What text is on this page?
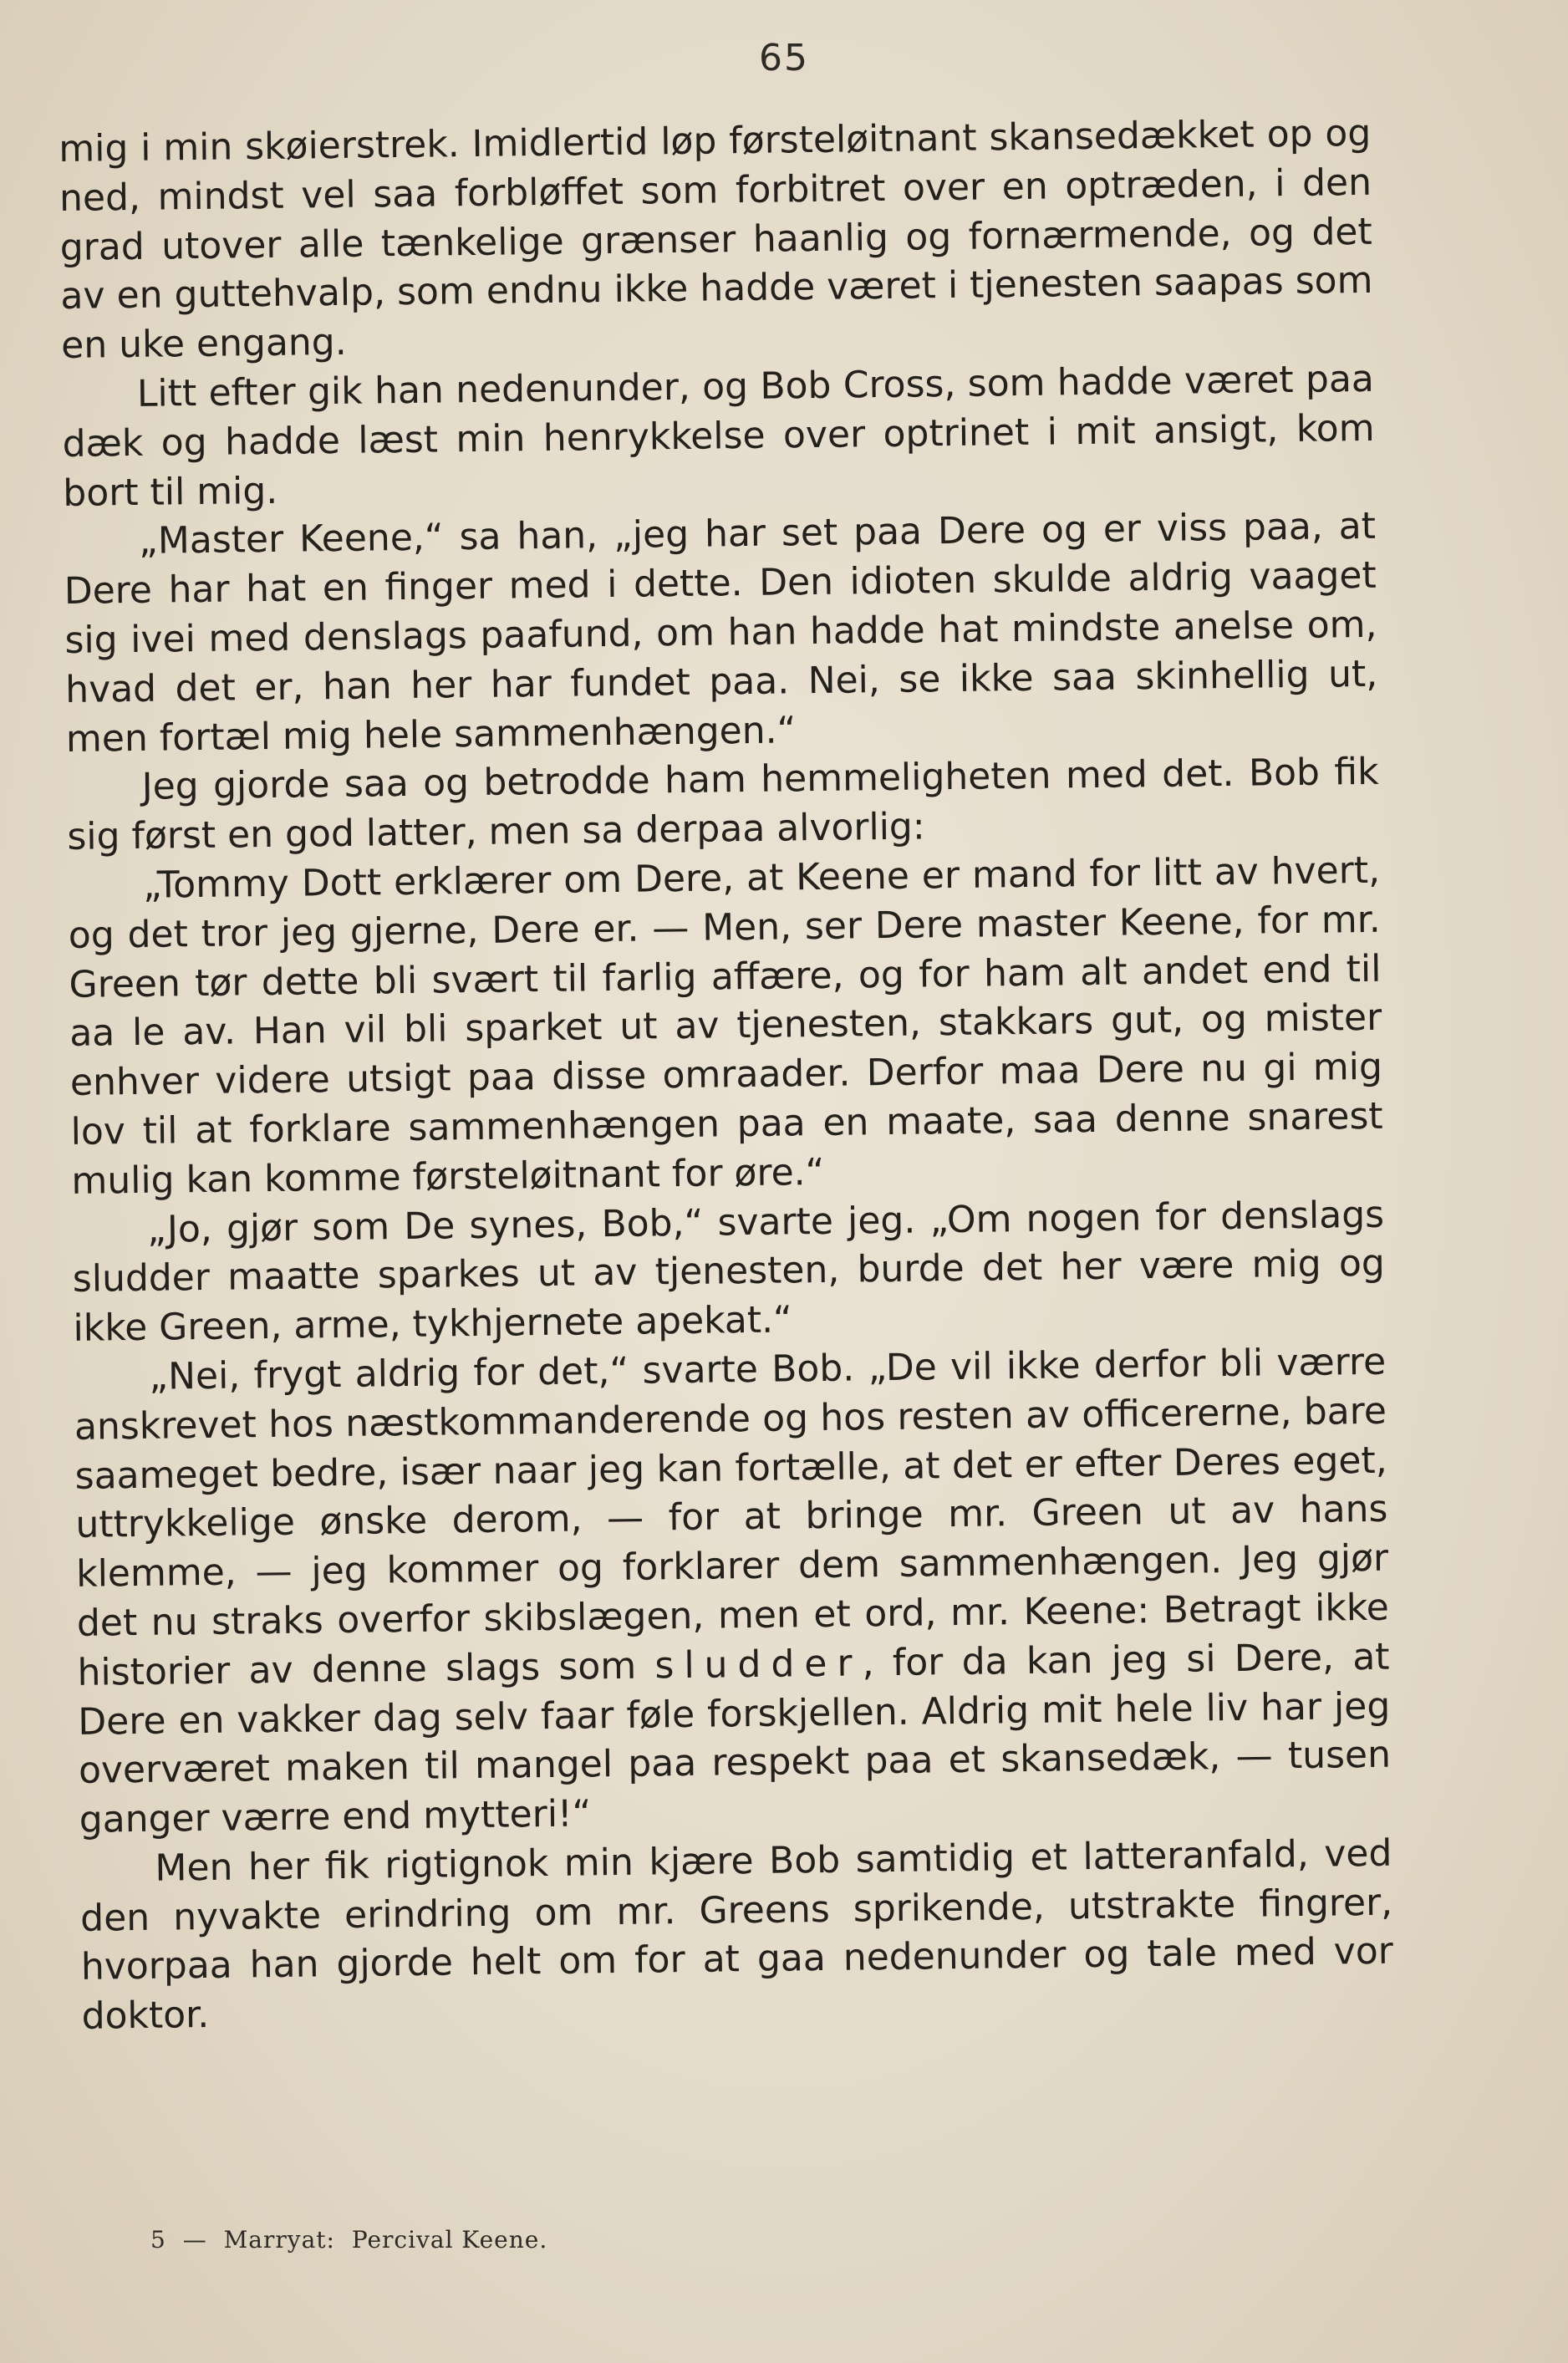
65

mig i min skøierstrek. Imidlertid løp førsteløitnant skansedækket op og ned, mindst vel saa forbløffet som forbitret over en optræden, i den grad utover alle tænkelige grænser haanlig og fornærmende, og det av en guttehvalp, som endnu ikke hadde været i tjenesten saapas som en uke engang.

Litt efter gik han nedenunder, og Bob Cross, som hadde været paa dæk og hadde læst min henrykkelse over optrinet i mit ansigt, kom bort til mig.

„Master Keene,“ sa han, „jeg har set paa Dere og er viss paa, at Dere har hat en finger med i dette. Den idioten skulde aldrig vaaget sig ivei med denslags paafund, om han hadde hat mindste anelse om, hvad det er, han her har fundet paa. Nei, se ikke saa skinhellig ut, men fortæl mig hele sammenhængen.“

Jeg gjorde saa og betrodde ham hemmeligheten med det. Bob fik sig først en god latter, men sa derpaa alvorlig:

„Tommy Dott erklærer om Dere, at Keene er mand for litt av hvert, og det tror jeg gjerne, Dere er. — Men, ser Dere master Keene, for mr. Green tør dette bli svært til farlig affære, og for ham alt andet end til aa le av. Han vil bli sparket ut av tjenesten, stakkars gut, og mister enhver videre utsigt paa disse omraader. Derfor maa Dere nu gi mig lov til at forklare sammenhængen paa en maate, saa denne snarest mulig kan komme førsteløitnant for øre.“

„Jo, gjør som De synes, Bob,“ svarte jeg. „Om nogen for denslags sludder maatte sparkes ut av tjenesten, burde det her være mig og ikke Green, arme, tykhjernete apekat.“

„Nei, frygt aldrig for det,“ svarte Bob. „De vil ikke derfor bli værre anskrevet hos næstkommanderende og hos resten av officererne, bare saameget bedre, især naar jeg kan fortælle, at det er efter Deres eget, uttrykkelige ønske derom, — for at bringe mr. Green ut av hans klemme, — jeg kommer og forklarer dem sammenhængen. Jeg gjør det nu straks overfor skibslægen, men et ord, mr. Keene: Betragt ikke historier av denne slags som sludder, for da kan jeg si Dere, at Dere en vakker dag selv faar føle forskjellen. Aldrig mit hele liv har jeg overværet maken til mangel paa respekt paa et skansedæk, — tusen ganger værre end mytteri!“

Men her fik rigtignok min kjære Bob samtidig et latteranfald, ved den nyvakte erindring om mr. Greens sprikende, utstrakte fingrer, hvorpaa han gjorde helt om for at gaa nedenunder og tale med vor doktor.

5 — Marryat: Percival Keene.
